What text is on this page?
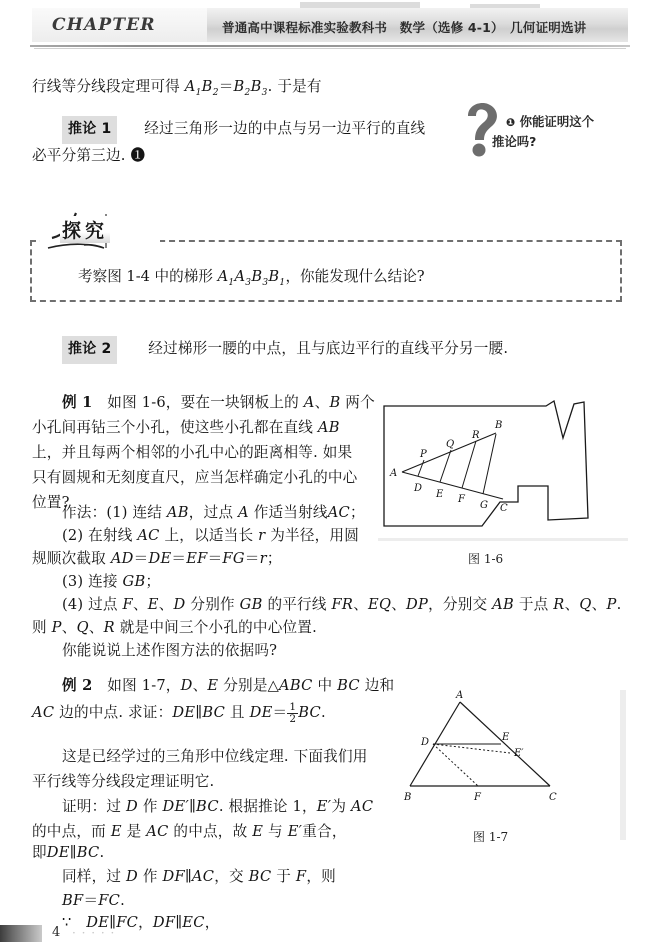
CHAPTER	普通高中课程标准实验教科书　数学（选修 4-1）　几何证明选讲
行线等分线段定理可得 $A_1B_2=B_2B_3$. 于是有
推论 1 经过三角形一边的中点与另一边平行的直线
必平分第三边. ❶
❶ 你能证明这个
推论吗?
探究
考察图 1-4 中的梯形 $A_1A_3B_3B_1$，你能发现什么结论?
推论 2	经过梯形一腰的中点，且与底边平行的直线平分另一腰.
例 1 如图 1-6，要在一块钢板上的 A、B 两个
小孔间再钻三个小孔，使这些小孔都在直线 AB
上，并且每两个相邻的小孔中心的距离相等. 如果
只有圆规和无刻度直尺，应当怎样确定小孔的中心
位置?
作法：(1) 连结 AB，过点 A 作适当射线AC；
(2) 在射线 AC 上，以适当长 r 为半径，用圆
规顺次截取 AD＝DE＝EF＝FG＝r；
(3) 连接 GB；
(4) 过点 F、E、D 分别作 GB 的平行线 FR、EQ、DP，分别交 AB 于点 R、Q、P.
则 P、Q、R 就是中间三个小孔的中心位置.
你能说说上述作图方法的依据吗?
A
P
Q
R
B
D
E F
G C
图 1-6
例 2 如图 1-7，D、E 分别是△ABC 中 BC 边和
AC 边的中点. 求证：DE∥BC 且 $DE= \frac{1}{2}$ BC.
这是已经学过的三角形中位线定理. 下面我们用
平行线等分线段定理证明它.
证明：过 D 作 DE′∥BC. 根据推论 1，E′为 AC
的中点，而 E 是 AC 的中点，故 E 与 E′重合，
即DE∥BC.
同样，过 D 作 DF∥AC，交 BC 于 F，则
BF＝FC.
∵　DE∥FC，DF∥EC，
A
D	E
E′
B	F	C
图 1-7
4 · · · · ·
